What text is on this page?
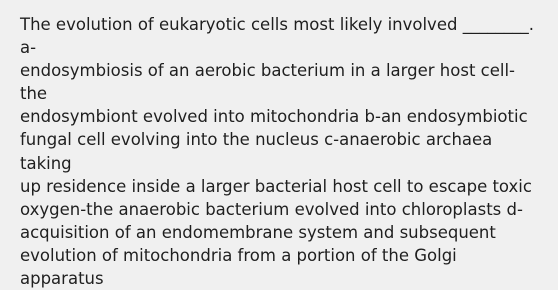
The evolution of eukaryotic cells most likely involved ________. a-
endosymbiosis of an aerobic bacterium in a larger host cell-the
endosymbiont evolved into mitochondria b-an endosymbiotic
fungal cell evolving into the nucleus c-anaerobic archaea taking
up residence inside a larger bacterial host cell to escape toxic
oxygen-the anaerobic bacterium evolved into chloroplasts d-
acquisition of an endomembrane system and subsequent
evolution of mitochondria from a portion of the Golgi apparatus
